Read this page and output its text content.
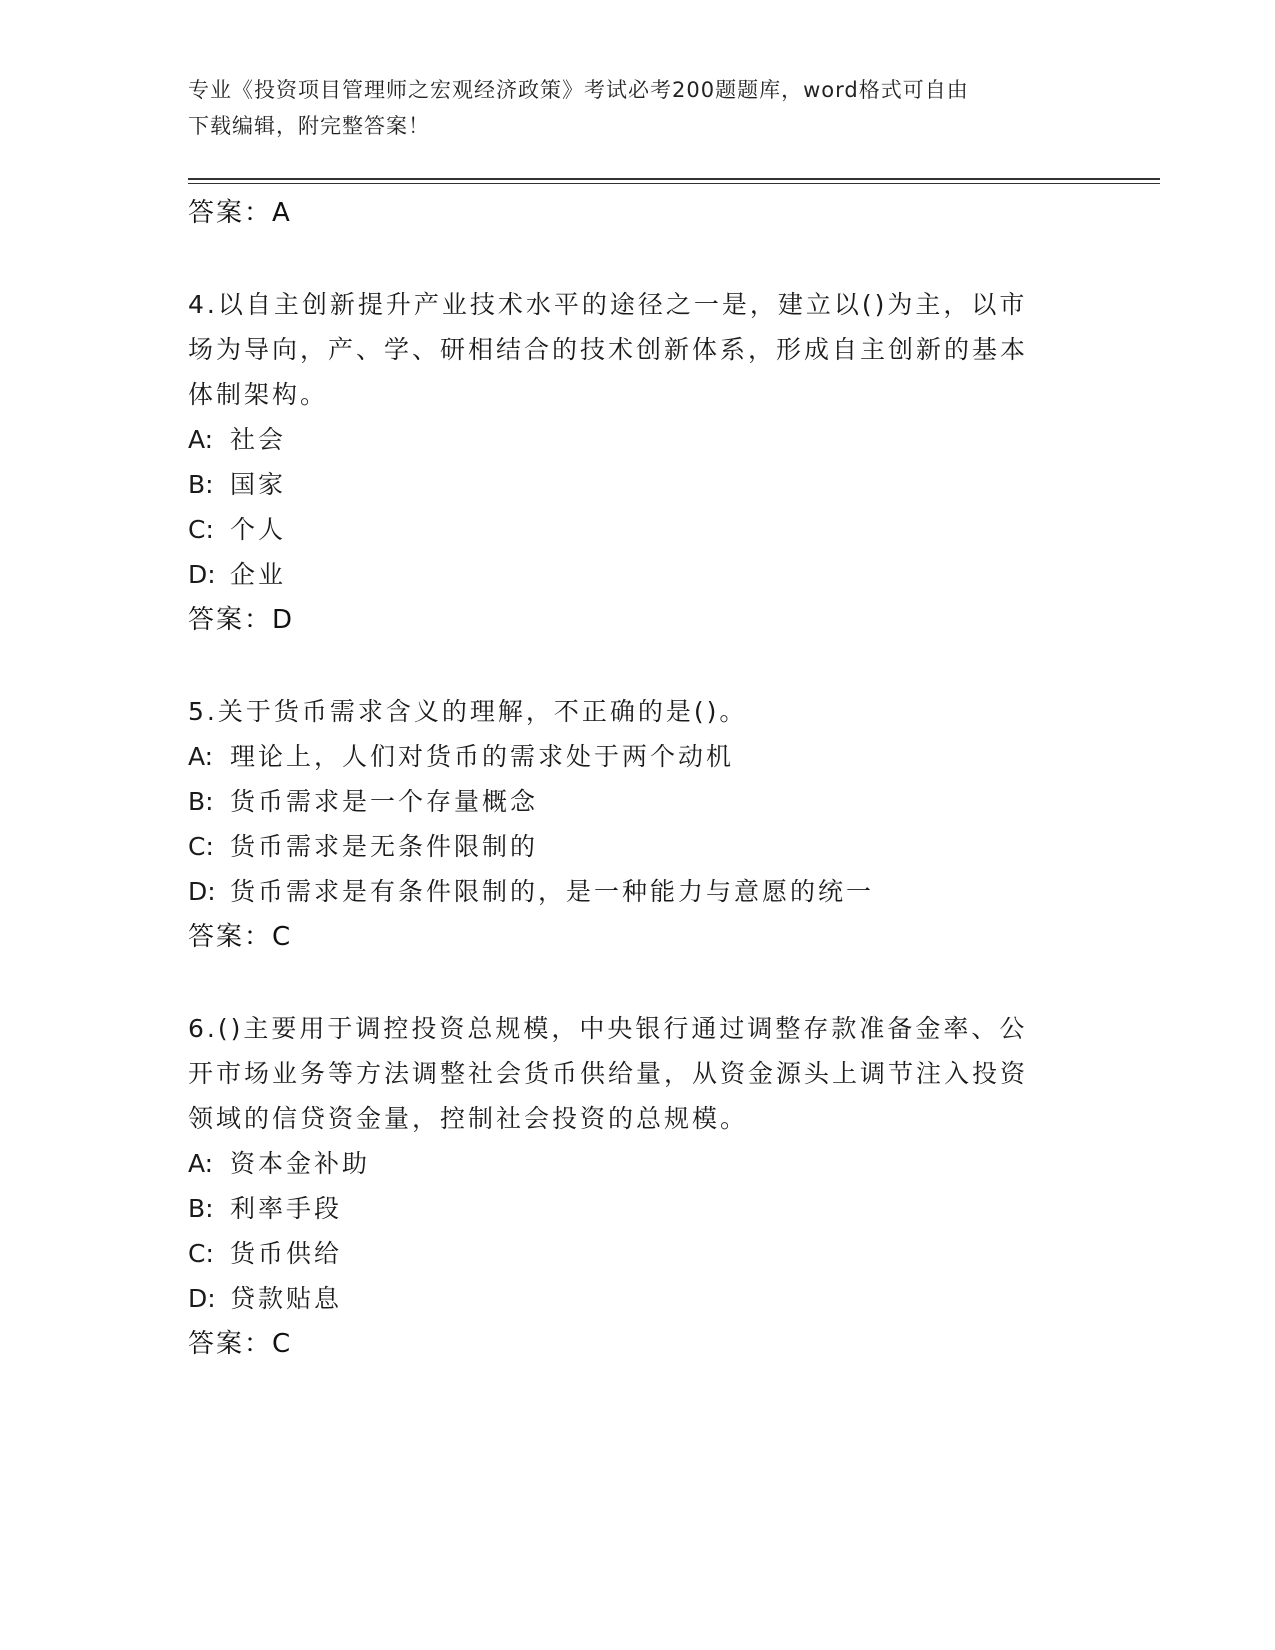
专业《投资项目管理师之宏观经济政策》考试必考200题题库，word格式可自由
下载编辑，附完整答案！
答案：A

4.以自主创新提升产业技术水平的途径之一是，建立以()为主，以市
场为导向，产、学、研相结合的技术创新体系，形成自主创新的基本
体制架构。

A: 社会
B: 国家
C: 个人
D: 企业
答案：D

5.关于货币需求含义的理解，不正确的是()。

A: 理论上，人们对货币的需求处于两个动机
B: 货币需求是一个存量概念
C: 货币需求是无条件限制的
D: 货币需求是有条件限制的，是一种能力与意愿的统一
答案：C

6.()主要用于调控投资总规模，中央银行通过调整存款准备金率、公
开市场业务等方法调整社会货币供给量，从资金源头上调节注入投资
领域的信贷资金量，控制社会投资的总规模。

A: 资本金补助
B: 利率手段
C: 货币供给
D: 贷款贴息
答案：C
